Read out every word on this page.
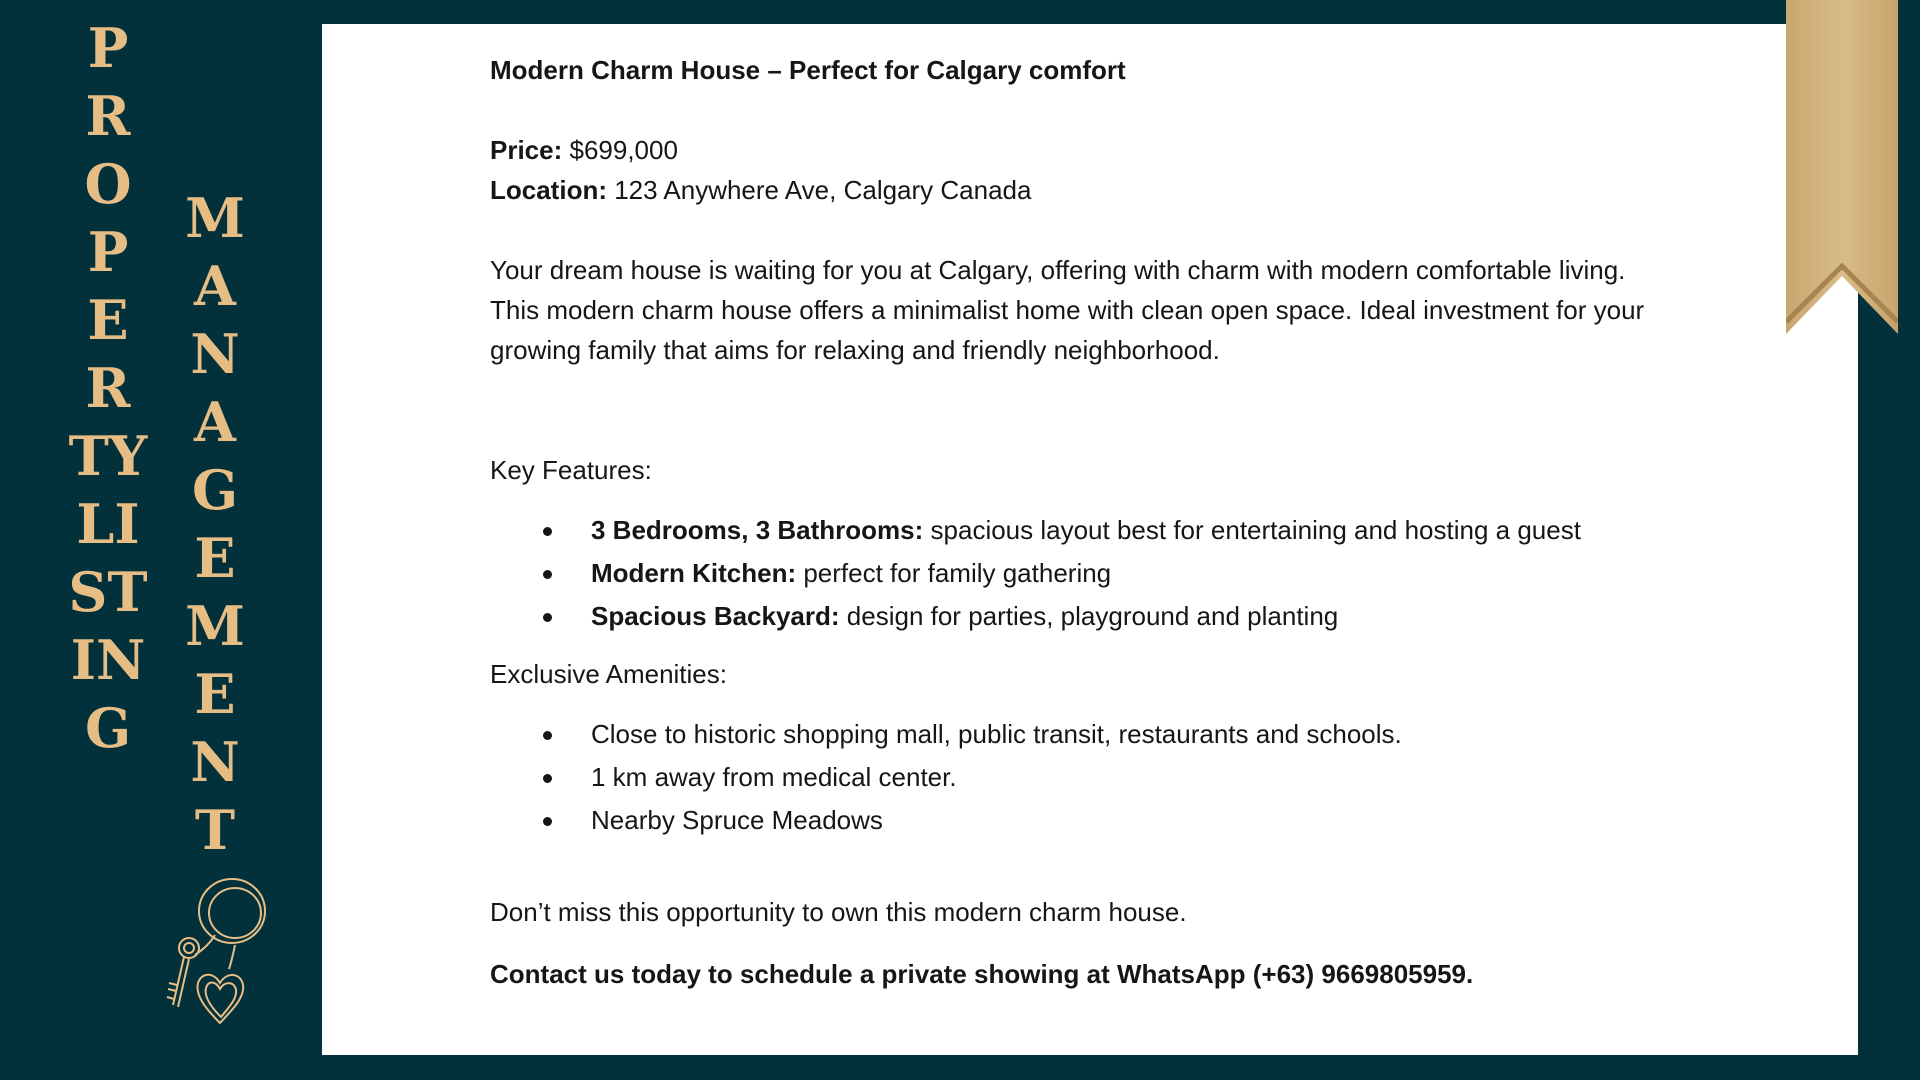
PROPERTY LISTING
MANAGEMENT

Modern Charm House – Perfect for Calgary comfort

Price: $699,000

Location: 123 Anywhere Ave, Calgary Canada

Your dream house is waiting for you at Calgary, offering with charm with modern comfortable living. This modern charm house offers a minimalist home with clean open space. Ideal investment for your growing family that aims for relaxing and friendly neighborhood.

Key Features:

3 Bedrooms, 3 Bathrooms: spacious layout best for entertaining and hosting a guest
Modern Kitchen: perfect for family gathering
Spacious Backyard: design for parties, playground and planting

Exclusive Amenities:

Close to historic shopping mall, public transit, restaurants and schools.
1 km away from medical center.
Nearby Spruce Meadows

Don’t miss this opportunity to own this modern charm house.

Contact us today to schedule a private showing at WhatsApp (+63) 9669805959.
